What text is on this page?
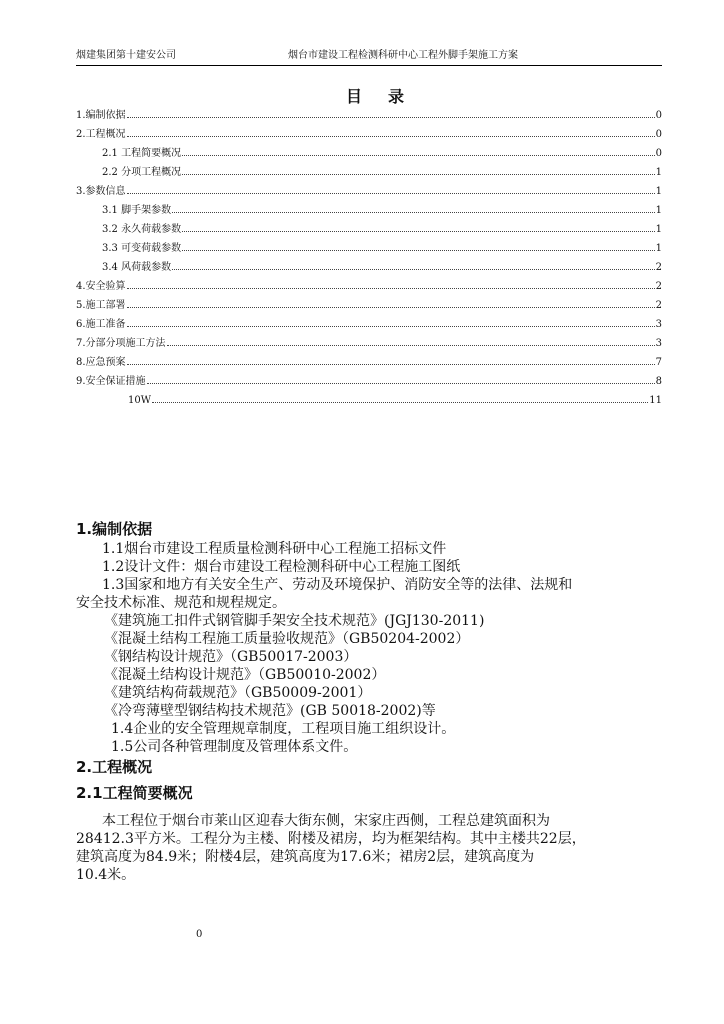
烟建集团第十建安公司	烟台市建设工程检测科研中心工程外脚手架施工方案
目录
1.编制依据	0
2.工程概况	0
2.1 工程简要概况	0
2.2 分项工程概况	1
3.参数信息	1
3.1 脚手架参数	1
3.2 永久荷载参数	1
3.3 可变荷载参数	1
3.4 风荷载参数	2
4.安全验算	2
5.施工部署	2
6.施工准备	3
7.分部分项施工方法	3
8.应急预案	7
9.安全保证措施	8
10W	11
1.编制依据
1.1烟台市建设工程质量检测科研中心工程施工招标文件
1.2设计文件：烟台市建设工程检测科研中心工程施工图纸
1.3国家和地方有关安全生产、劳动及环境保护、消防安全等的法律、法规和
安全技术标准、规范和规程规定。
《建筑施工扣件式钢管脚手架安全技术规范》(JGJ130-2011)
《混凝土结构工程施工质量验收规范》（GB50204-2002）
《钢结构设计规范》（GB50017-2003）
《混凝土结构设计规范》（GB50010-2002）
《建筑结构荷载规范》（GB50009-2001）
《冷弯薄壁型钢结构技术规范》(GB 50018-2002)等
1.4企业的安全管理规章制度，工程项目施工组织设计。
1.5公司各种管理制度及管理体系文件。
2.工程概况
2.1工程简要概况
本工程位于烟台市莱山区迎春大街东侧，宋家庄西侧，工程总建筑面积为
28412.3平方米。工程分为主楼、附楼及裙房，均为框架结构。其中主楼共22层，
建筑高度为84.9米；附楼4层，建筑高度为17.6米；裙房2层，建筑高度为
10.4米。
0
